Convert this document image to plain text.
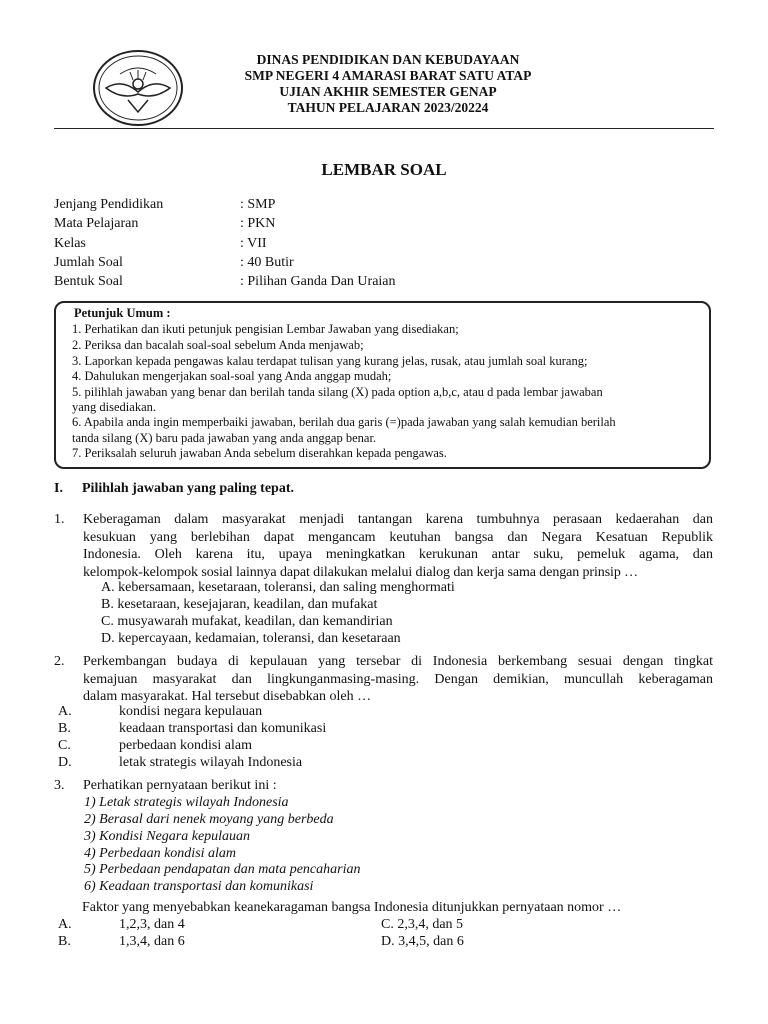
DINAS PENDIDIKAN DAN KEBUDAYAAN
SMP NEGERI 4 AMARASI BARAT SATU ATAP
UJIAN AKHIR SEMESTER GENAP
TAHUN PELAJARAN 2023/20224
LEMBAR SOAL
Jenjang Pendidikan	: SMP
Mata Pelajaran	: PKN
Kelas	: VII
Jumlah Soal	: 40 Butir
Bentuk Soal	: Pilihan Ganda Dan Uraian
Petunjuk Umum :
1. Perhatikan dan ikuti petunjuk pengisian Lembar Jawaban yang disediakan;
2. Periksa dan bacalah soal-soal sebelum Anda menjawab;
3. Laporkan kepada pengawas kalau terdapat tulisan yang kurang jelas, rusak, atau jumlah soal kurang;
4. Dahulukan mengerjakan soal-soal yang Anda anggap mudah;
5. pilihlah jawaban yang benar dan berilah tanda silang (X) pada option a,b,c, atau d pada lembar jawaban
yang disediakan.
6. Apabila anda ingin memperbaiki jawaban, berilah dua garis (=)pada jawaban yang salah kemudian berilah
tanda silang (X) baru pada jawaban yang anda anggap benar.
7. Periksalah seluruh jawaban Anda sebelum diserahkan kepada pengawas.
I. Pilihlah jawaban yang paling tepat.
1. Keberagaman dalam masyarakat menjadi tantangan karena tumbuhnya perasaan kedaerahan dan
kesukuan yang berlebihan dapat mengancam keutuhan bangsa dan Negara Kesatuan Republik
Indonesia. Oleh karena itu, upaya meningkatkan kerukunan antar suku, pemeluk agama, dan
kelompok-kelompok sosial lainnya dapat dilakukan melalui dialog dan kerja sama dengan prinsip …
A. kebersamaan, kesetaraan, toleransi, dan saling menghormati
B. kesetaraan, kesejajaran, keadilan, dan mufakat
C. musyawarah mufakat, keadilan, dan kemandirian
D. kepercayaan, kedamaian, toleransi, dan kesetaraan
2. Perkembangan budaya di kepulauan yang tersebar di Indonesia berkembang sesuai dengan tingkat
kemajuan masyarakat dan lingkunganmasing-masing. Dengan demikian, muncullah keberagaman
dalam masyarakat. Hal tersebut disebabkan oleh …
A.	kondisi negara kepulauan
B.	keadaan transportasi dan komunikasi
C.	perbedaan kondisi alam
D.	letak strategis wilayah Indonesia
3. Perhatikan pernyataan berikut ini :
1) Letak strategis wilayah Indonesia
2) Berasal dari nenek moyang yang berbeda
3) Kondisi Negara kepulauan
4) Perbedaan kondisi alam
5) Perbedaan pendapatan dan mata pencaharian
6) Keadaan transportasi dan komunikasi
Faktor yang menyebabkan keanekaragaman bangsa Indonesia ditunjukkan pernyataan nomor …
A.	1,2,3, dan 4
B.	1,3,4, dan 6
C. 2,3,4, dan 5
D. 3,4,5, dan 6
